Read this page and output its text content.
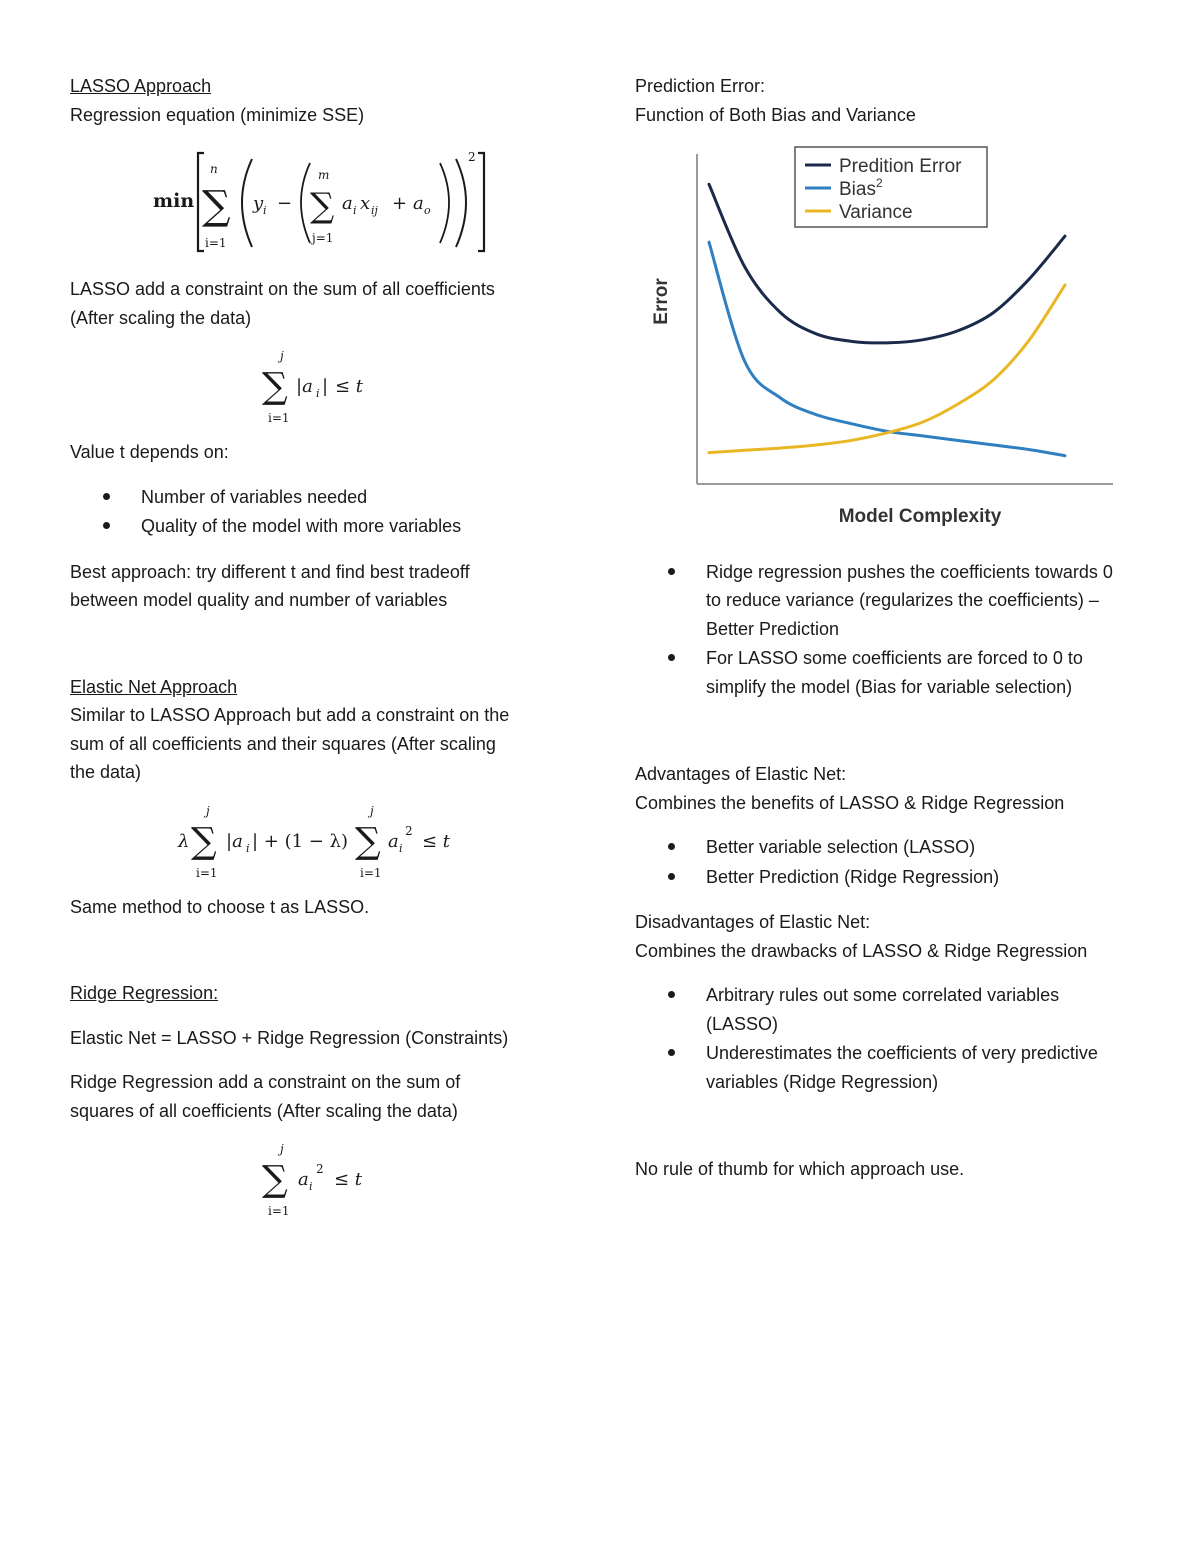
LASSO Approach

Regression equation (minimize SSE)

min ∑
n
i=1
y i − ∑
m
j=1
a i x ij + a o
2

LASSO add a constraint on the sum of all coefficients

(After scaling the data)

j
∑
i=1
|a i | ≤ t

Value t depends on:

Number of variables needed
Quality of the model with more variables

Best approach: try different t and find best tradeoff

between model quality and number of variables

Elastic Net Approach

Similar to LASSO Approach but add a constraint on the

sum of all coefficients and their squares (After scaling

the data)

λ
j
∑
i=1
|a i | + (1 − λ)
j
∑
i=1
a i
2 ≤ t

Same method to choose t as LASSO.

Ridge Regression:

Elastic Net = LASSO + Ridge Regression (Constraints)

Ridge Regression add a constraint on the sum of

squares of all coefficients (After scaling the data)

j
∑
i=1
a i
2 ≤ t

Prediction Error:

Function of Both Bias and Variance

Model Complexity
Error
Predition Error
Bias$^2$
Variance
Ridge regression pushes the coefficients towards 0 to reduce variance (regularizes the coefficients) – Better Prediction
For LASSO some coefficients are forced to 0 to simplify the model (Bias for variable selection)

Advantages of Elastic Net:

Combines the benefits of LASSO & Ridge Regression

Better variable selection (LASSO)
Better Prediction (Ridge Regression)

Disadvantages of Elastic Net:

Combines the drawbacks of LASSO & Ridge Regression

Arbitrary rules out some correlated variables (LASSO)
Underestimates the coefficients of very predictive variables (Ridge Regression)

No rule of thumb for which approach use.
